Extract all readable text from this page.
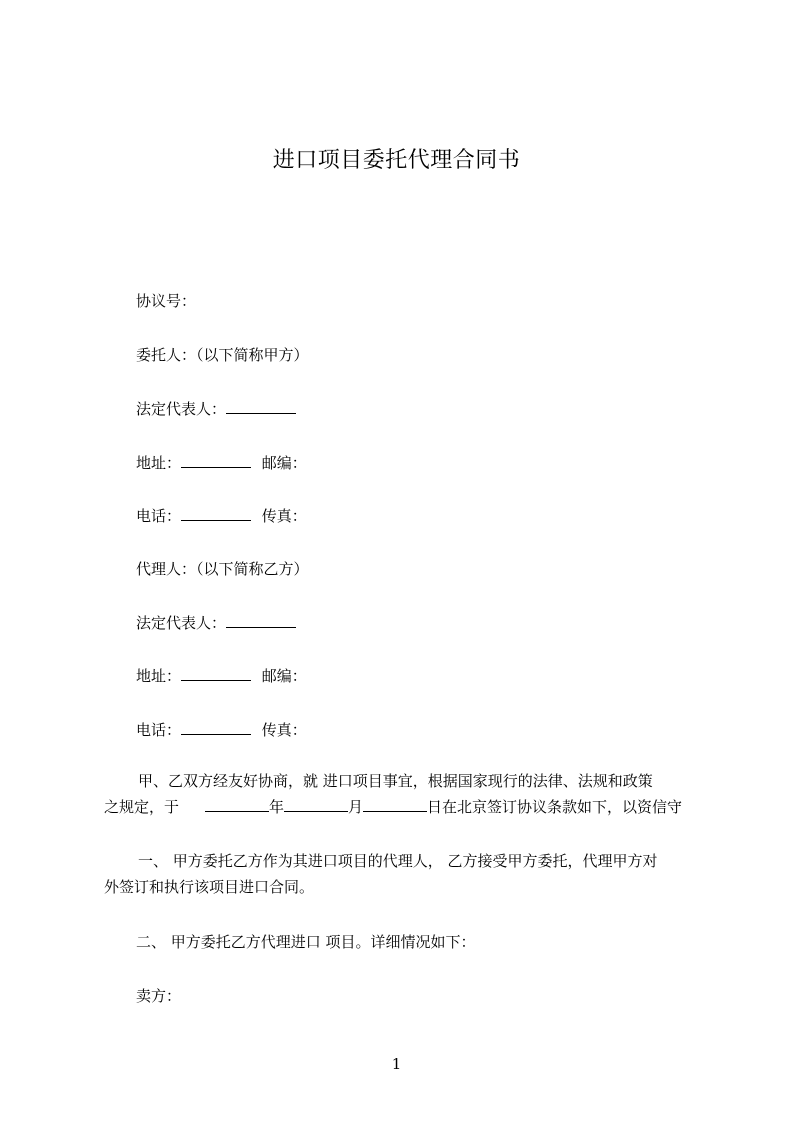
进口项目委托代理合同书
协议号：
委托人：（以下简称甲方）
法定代表人：
地址：	邮编：
电话：	传真：
代理人：（以下简称乙方）
法定代表人：
地址：	邮编：
电话：	传真：
甲、乙双方经友好协商，就 进口项目事宜，根据国家现行的法律、法规和政策
之规定，于	年	月	日在北京签订协议条款如下，以资信守
一、 甲方委托乙方作为其进口项目的代理人， 乙方接受甲方委托，代理甲方对
外签订和执行该项目进口合同。
二、 甲方委托乙方代理进口 项目。详细情况如下：
卖方：
1
